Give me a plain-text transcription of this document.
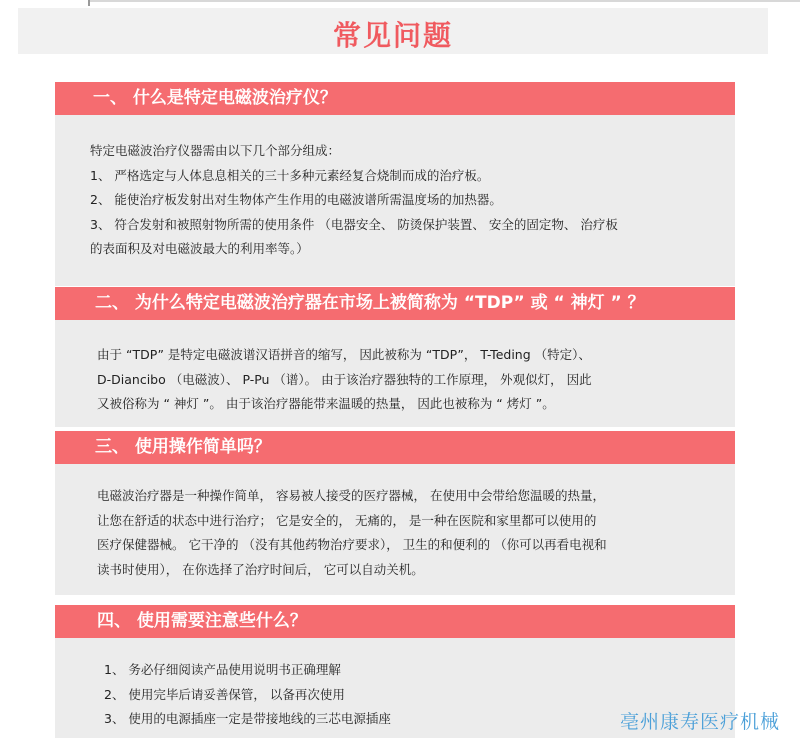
常见问题
一、 什么是特定电磁波治疗仪？
特定电磁波治疗仪器需由以下几个部分组成：
1、 严格选定与人体息息相关的三十多种元素经复合烧制而成的治疗板。
2、 能使治疗板发射出对生物体产生作用的电磁波谱所需温度场的加热器。
3、 符合发射和被照射物所需的使用条件 （电器安全、 防烫保护装置、 安全的固定物、 治疗板
的表面积及对电磁波最大的利用率等。）
二、 为什么特定电磁波治疗器在市场上被简称为 “TDP” 或 “ 神灯 ” ？
由于 “TDP” 是特定电磁波谱汉语拼音的缩写， 因此被称为 “TDP”， T-Teding （特定）、
D-Diancibo （电磁波）、 P-Pu （谱）。 由于该治疗器独特的工作原理， 外观似灯， 因此
又被俗称为 “ 神灯 ”。 由于该治疗器能带来温暖的热量， 因此也被称为 “ 烤灯 ”。
三、 使用操作简单吗？
电磁波治疗器是一种操作简单， 容易被人接受的医疗器械， 在使用中会带给您温暖的热量，
让您在舒适的状态中进行治疗； 它是安全的， 无痛的， 是一种在医院和家里都可以使用的
医疗保健器械。 它干净的 （没有其他药物治疗要求）， 卫生的和便利的 （你可以再看电视和
读书时使用）， 在你选择了治疗时间后， 它可以自动关机。
四、 使用需要注意些什么？
1、 务必仔细阅读产品使用说明书正确理解
2、 使用完毕后请妥善保管， 以备再次使用
3、 使用的电源插座一定是带接地线的三芯电源插座	亳州康寿医疗机械
